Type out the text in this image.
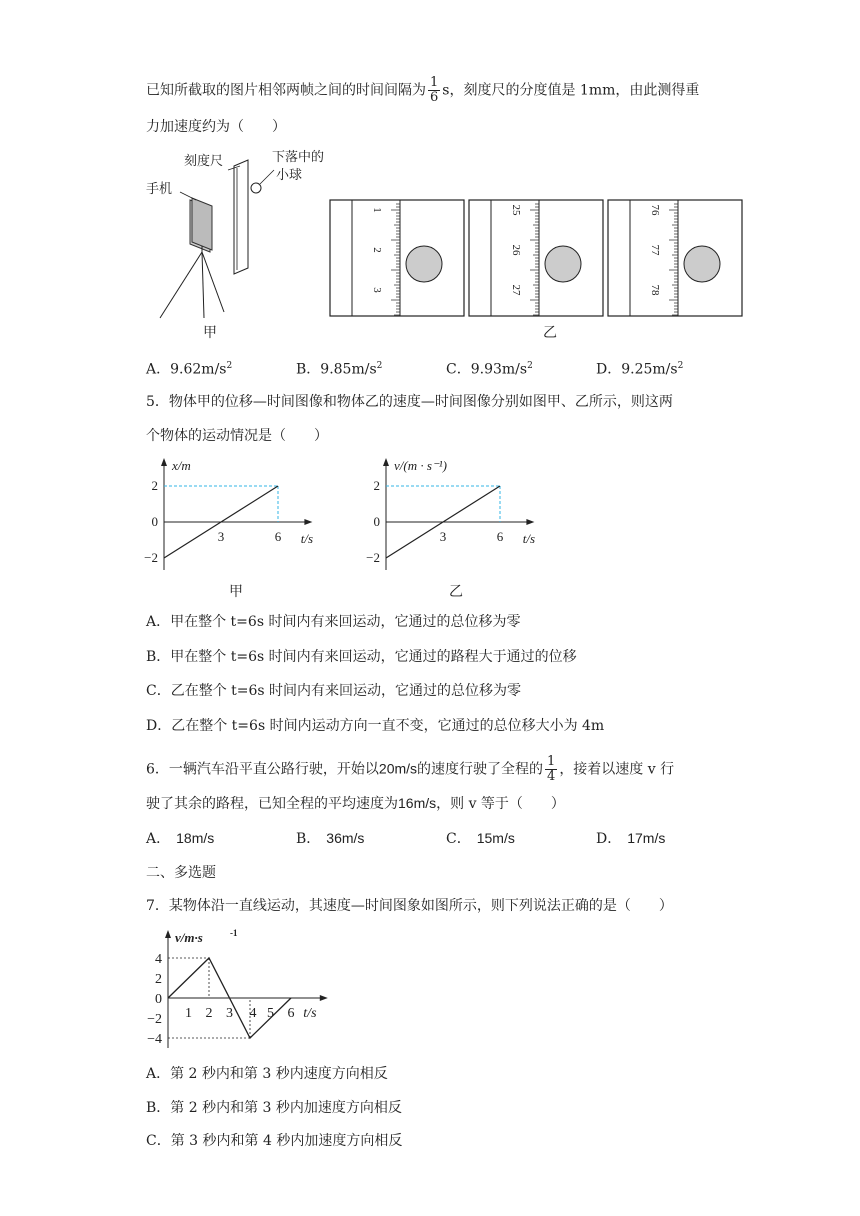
已知所截取的图片相邻两帧之间的时间间隔为 $\frac{1}{6}$ s，刻度尺的分度值是 1mm，由此测得重
力加速度约为（　　）
刻度尺	下落中的
小球
手机
甲
1
2
3
25
26
27
76
77
78
乙
A．$9.62m/s^2$	B．$9.85m/s^2$	C．$9.93m/s^2$	D．$9.25m/s^2$
5．物体甲的位移—时间图像和物体乙的速度—时间图像分别如图甲、乙所示，则这两
个物体的运动情况是（　　）
2
0
−2
3	6
x/m
t/s
甲
2
0
−2
3	6
v/(m · s⁻¹)
t/s
乙
A．甲在整个 t=6s 时间内有来回运动，它通过的总位移为零
B．甲在整个 t=6s 时间内有来回运动，它通过的路程大于通过的位移
C．乙在整个 t=6s 时间内有来回运动，它通过的总位移为零
D．乙在整个 t=6s 时间内运动方向一直不变，它通过的总位移大小为 4m
6．一辆汽车沿平直公路行驶，开始以20m/s的速度行驶了全程的 $\frac{1}{4}$ ，接着以速度 v 行
驶了其余的路程，已知全程的平均速度为16m/s，则 v 等于（　　）
A． 18m/s	B． 36m/s	C． 15m/s	D． 17m/s
二、多选题
7．某物体沿一直线运动，其速度—时间图象如图所示，则下列说法正确的是（　　）
4
2
0
−2
−4
1 2 3 4 5 6
v/m·s	-1
t/s
A．第 2 秒内和第 3 秒内速度方向相反
B．第 2 秒内和第 3 秒内加速度方向相反
C．第 3 秒内和第 4 秒内加速度方向相反
